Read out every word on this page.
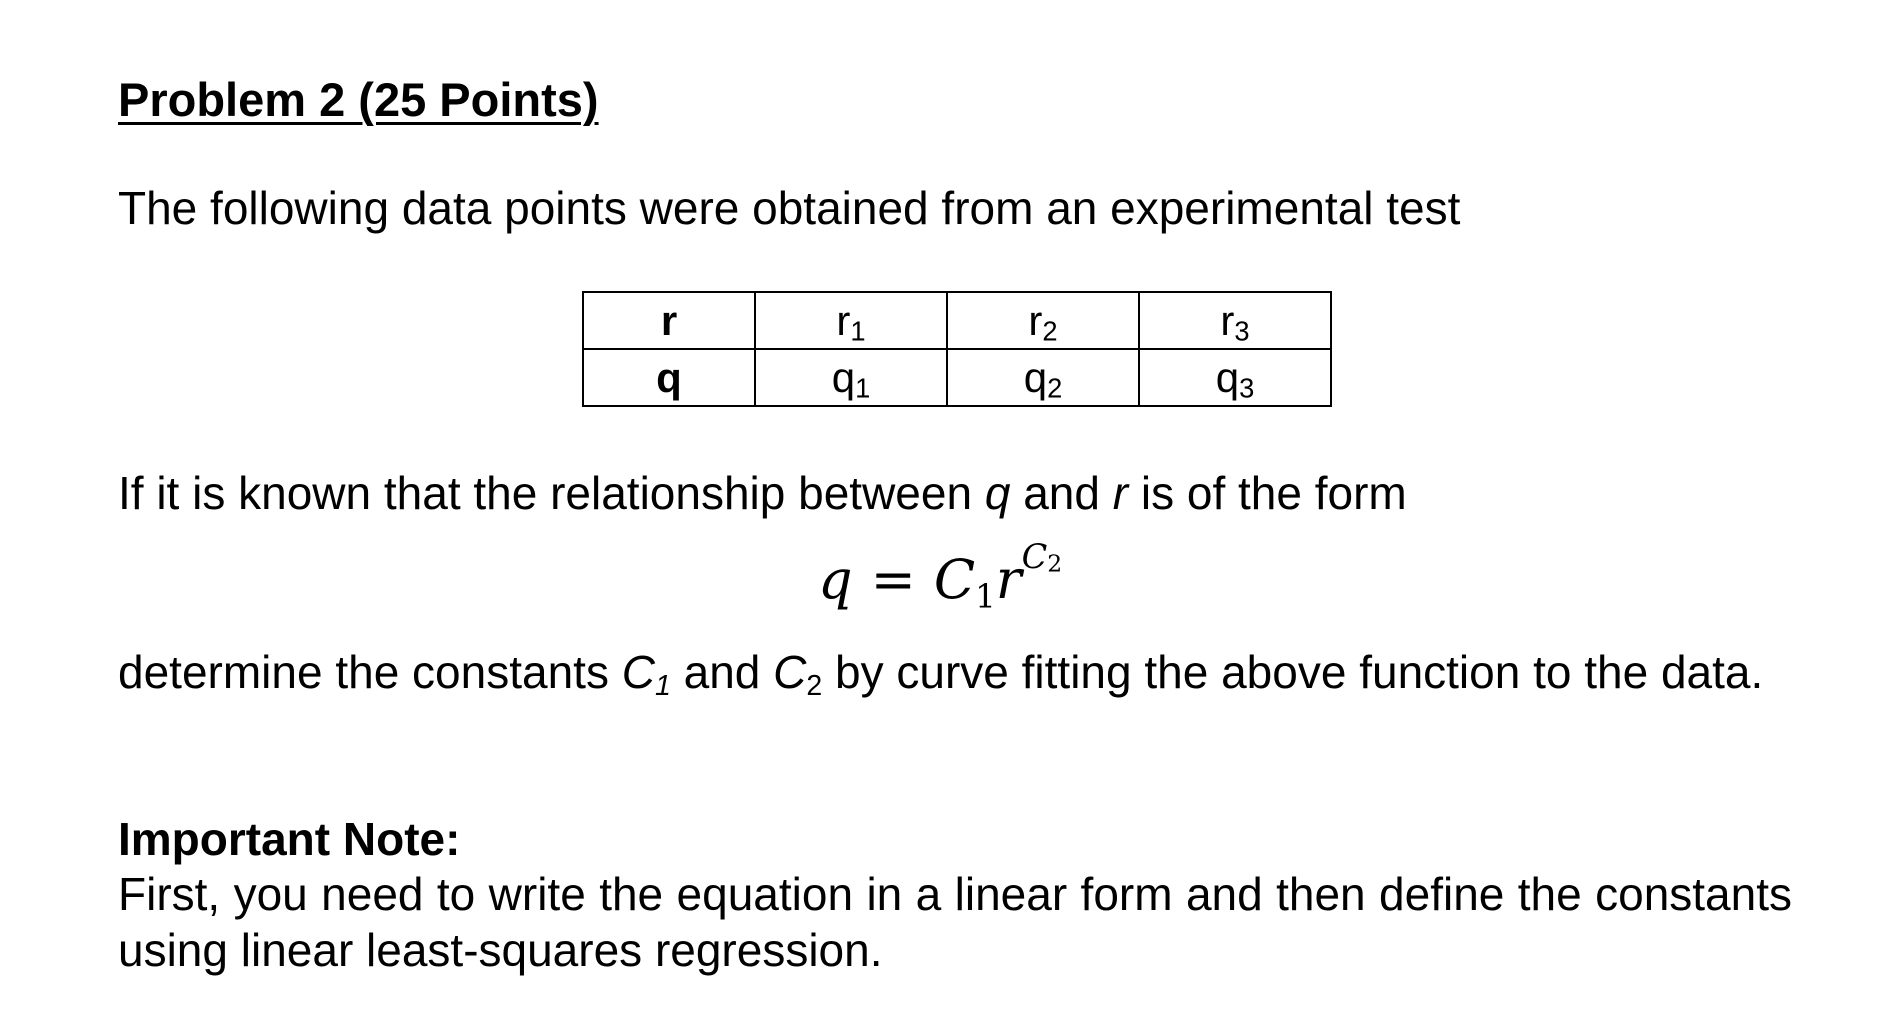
Problem 2 (25 Points)

The following data points were obtained from an experimental test

r	$r_1$	$r_2$	$r_3$
q	$q_1$	$q_2$	$q_3$

If it is known that the relationship between q and r is of the form

$q = C_1r^{C_2}$

determine the constants $C_1$ and $C_2$ by curve fitting the above function to the data.

Important Note:

First, you need to write the equation in a linear form and then define the constants using linear least-squares regression.
